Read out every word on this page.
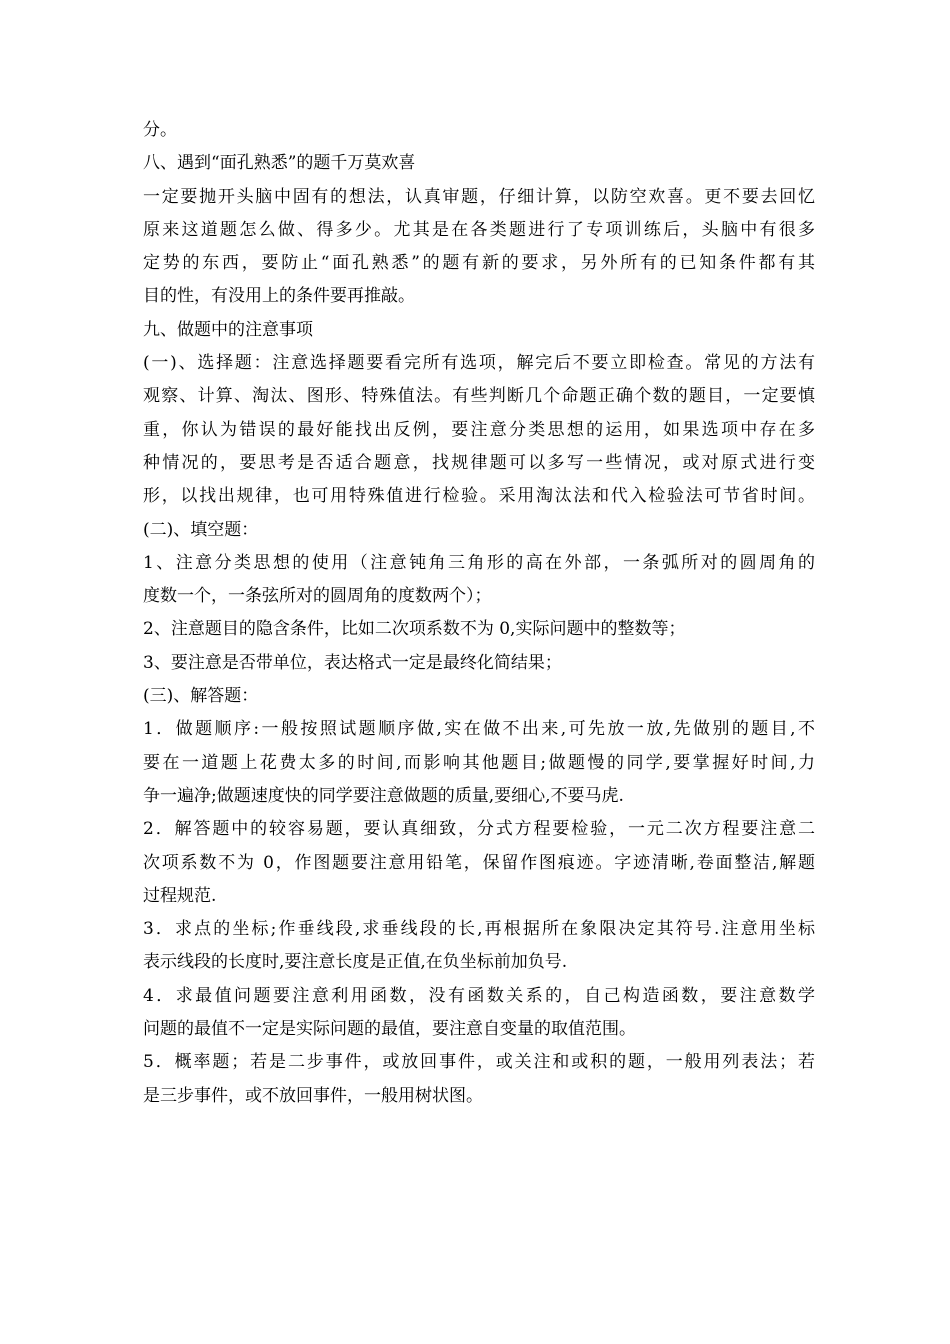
分。
八、遇到“面孔熟悉”的题千万莫欢喜
一定要抛开头脑中固有的想法，认真审题，仔细计算，以防空欢喜。更不要去回忆
原来这道题怎么做、得多少。尤其是在各类题进行了专项训练后，头脑中有很多
定势的东西，要防止“面孔熟悉”的题有新的要求，另外所有的已知条件都有其
目的性，有没用上的条件要再推敲。
九、做题中的注意事项
(一)、选择题：注意选择题要看完所有选项，解完后不要立即检查。常见的方法有
观察、计算、淘汰、图形、特殊值法。有些判断几个命题正确个数的题目，一定要慎
重，你认为错误的最好能找出反例，要注意分类思想的运用，如果选项中存在多
种情况的，要思考是否适合题意，找规律题可以多写一些情况，或对原式进行变
形，以找出规律，也可用特殊值进行检验。采用淘汰法和代入检验法可节省时间。
(二)、填空题：
1、注意分类思想的使用（注意钝角三角形的高在外部，一条弧所对的圆周角的
度数一个，一条弦所对的圆周角的度数两个）；
2、注意题目的隐含条件，比如二次项系数不为 0,实际问题中的整数等；
3、要注意是否带单位，表达格式一定是最终化简结果；
(三)、解答题：
1．做题顺序:一般按照试题顺序做,实在做不出来,可先放一放,先做别的题目,不
要在一道题上花费太多的时间,而影响其他题目;做题慢的同学,要掌握好时间,力
争一遍净;做题速度快的同学要注意做题的质量,要细心,不要马虎.
2．解答题中的较容易题，要认真细致，分式方程要检验，一元二次方程要注意二
次项系数不为 0，作图题要注意用铅笔，保留作图痕迹。字迹清晰,卷面整洁,解题
过程规范.
3．求点的坐标;作垂线段,求垂线段的长,再根据所在象限决定其符号.注意用坐标
表示线段的长度时,要注意长度是正值,在负坐标前加负号.
4．求最值问题要注意利用函数，没有函数关系的，自己构造函数，要注意数学
问题的最值不一定是实际问题的最值，要注意自变量的取值范围。
5．概率题；若是二步事件，或放回事件，或关注和或积的题，一般用列表法；若
是三步事件，或不放回事件，一般用树状图。
